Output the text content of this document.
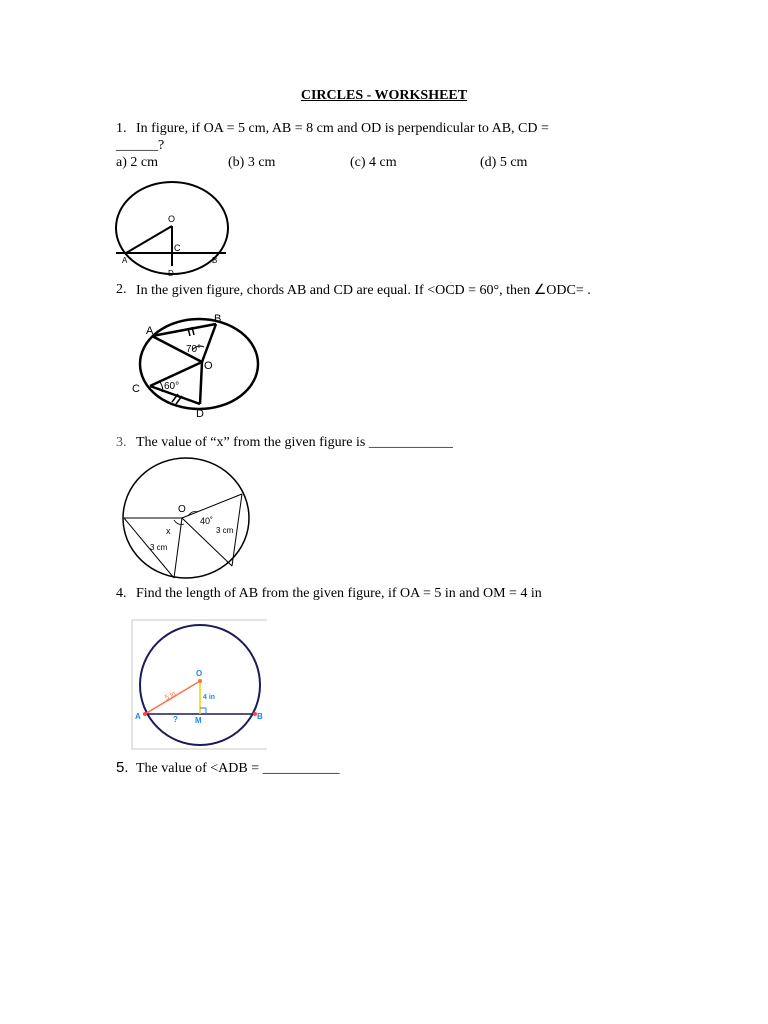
CIRCLES - WORKSHEET
1. In figure, if OA = 5 cm, AB = 8 cm and OD is perpendicular to AB, CD =
______?
a) 2 cm	(b) 3 cm	(c) 4 cm	(d) 5 cm
O
C
A	B
D
2. In the given figure, chords AB and CD are equal. If <OCD = 60°, then ∠ODC= .
A
B
O
C
D
70°
60°
3. The value of “x” from the given figure is ____________
O
x
40˚
3 cm
3 cm
4. Find the length of AB from the given figure, if OA = 5 in and OM = 4 in
O
4 in
5 in
A	B
M
?
5. The value of <ADB = ___________
